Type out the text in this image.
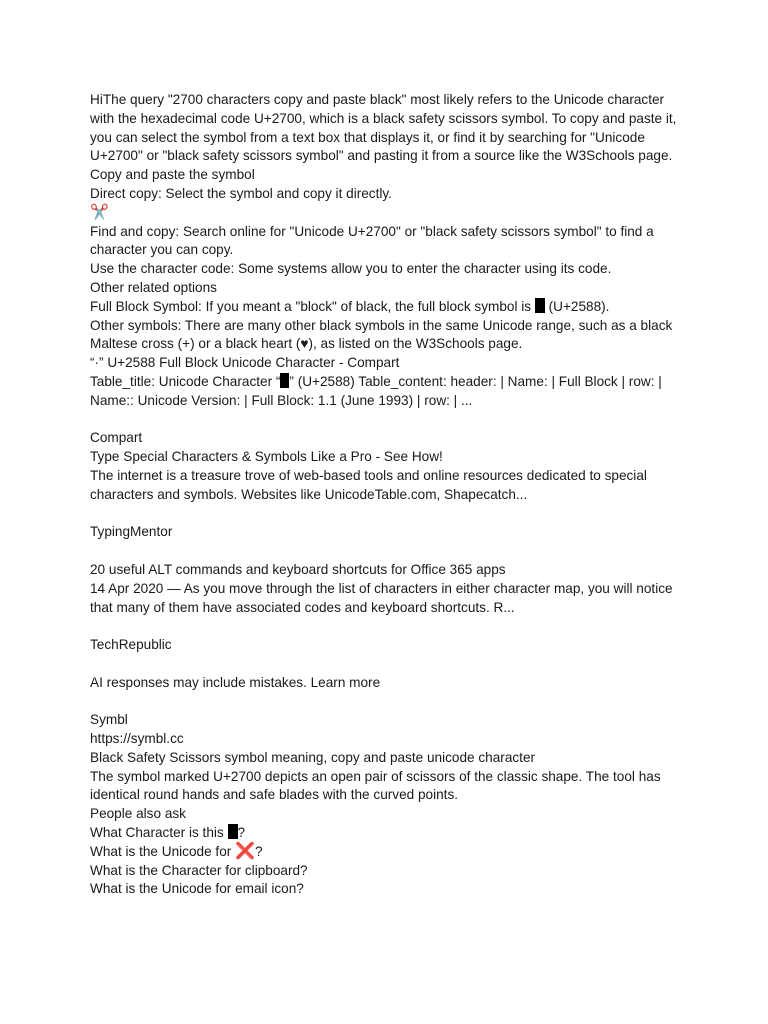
HiThe query "2700 characters copy and paste black" most likely refers to the Unicode character with the hexadecimal code U+2700, which is a black safety scissors symbol. To copy and paste it, you can select the symbol from a text box that displays it, or find it by searching for "Unicode U+2700" or "black safety scissors symbol" and pasting it from a source like the W3Schools page.

Copy and paste the symbol

Direct copy: Select the symbol and copy it directly.

✂️

Find and copy: Search online for "Unicode U+2700" or "black safety scissors symbol" to find a character you can copy.

Use the character code: Some systems allow you to enter the character using its code.

Other related options

Full Block Symbol: If you meant a "block" of black, the full block symbol is  (U+2588).

Other symbols: There are many other black symbols in the same Unicode range, such as a black Maltese cross (+) or a black heart (♥), as listed on the W3Schools page.

“·” U+2588 Full Block Unicode Character - Compart

Table_title: Unicode Character “ ” (U+2588) Table_content: header: | Name: | Full Block | row: | Name:: Unicode Version: | Full Block: 1.1 (June 1993) | row: | ...

Compart

Type Special Characters & Symbols Like a Pro - See How!

The internet is a treasure trove of web-based tools and online resources dedicated to special characters and symbols. Websites like UnicodeTable.com, Shapecatch...

TypingMentor

20 useful ALT commands and keyboard shortcuts for Office 365 apps

14 Apr 2020 — As you move through the list of characters in either character map, you will notice that many of them have associated codes and keyboard shortcuts. R...

TechRepublic

AI responses may include mistakes. Learn more

Symbl

https://symbl.cc

Black Safety Scissors symbol meaning, copy and paste unicode character

The symbol marked U+2700 depicts an open pair of scissors of the classic shape. The tool has identical round hands and safe blades with the curved points.

People also ask

What Character is this ?

What is the Unicode for ❌?

What is the Character for clipboard?

What is the Unicode for email icon?
